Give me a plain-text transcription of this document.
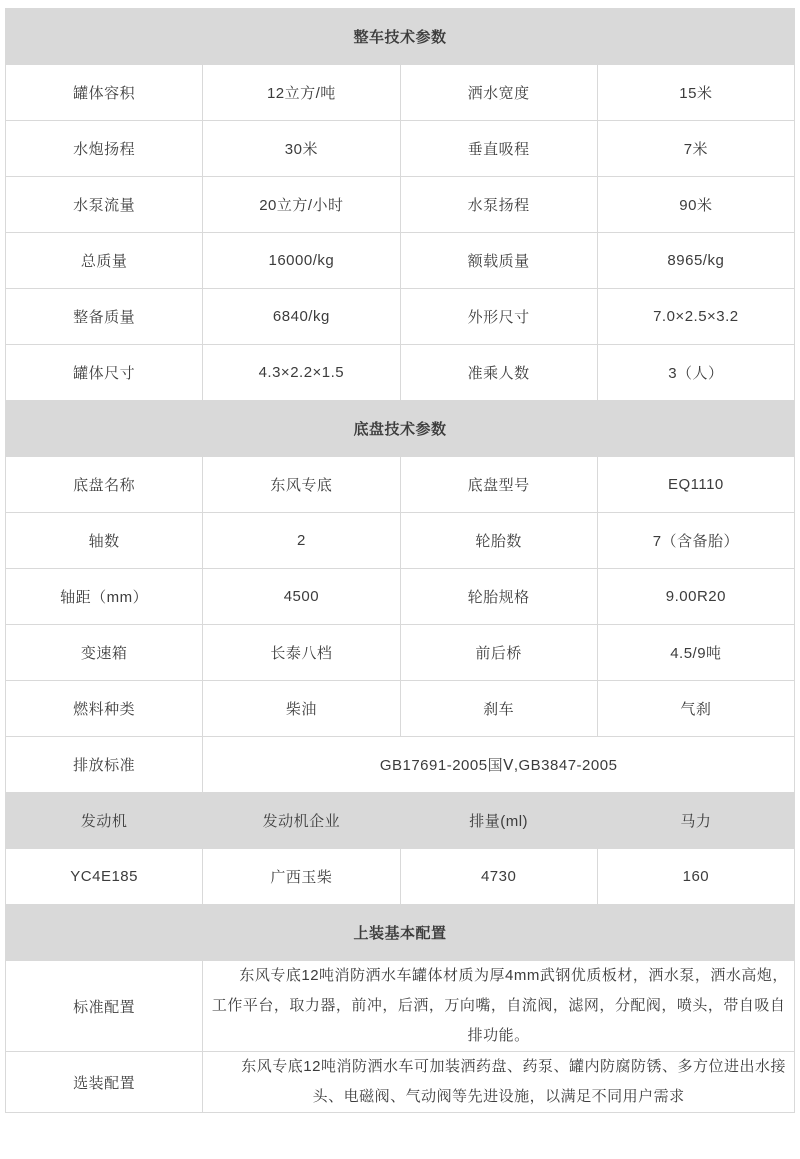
整车技术参数			
罐体容积	12立方/吨	洒水宽度	15米
水炮扬程	30米	垂直吸程	7米
水泵流量	20立方/小时	水泵扬程	90米
总质量	16000/kg	额载质量	8965/kg
整备质量	6840/kg	外形尺寸	7.0×2.5×3.2
罐体尺寸	4.3×2.2×1.5	准乘人数	3（人）
底盘技术参数			
底盘名称	东风专底	底盘型号	EQ1110
轴数	2	轮胎数	7（含备胎）
轴距（mm）	4500	轮胎规格	9.00R20
变速箱	长泰八档	前后桥	4.5/9吨
燃料种类	柴油	刹车	气刹
排放标准	GB17691-2005国Ⅴ,GB3847-2005		
发动机	发动机企业	排量(ml)	马力
YC4E185	广西玉柴	4730	160
上装基本配置			
标准配置	东风专底12吨消防洒水车罐体材质为厚4mm武钢优质板材，洒水泵，洒水高炮，工作平台，取力器，前冲，后洒，万向嘴，自流阀，滤网，分配阀，喷头，带自吸自排功能。		
选装配置	东风专底12吨消防洒水车可加装洒药盘、药泵、罐内防腐防锈、多方位进出水接头、电磁阀、气动阀等先进设施，以满足不同用户需求		
